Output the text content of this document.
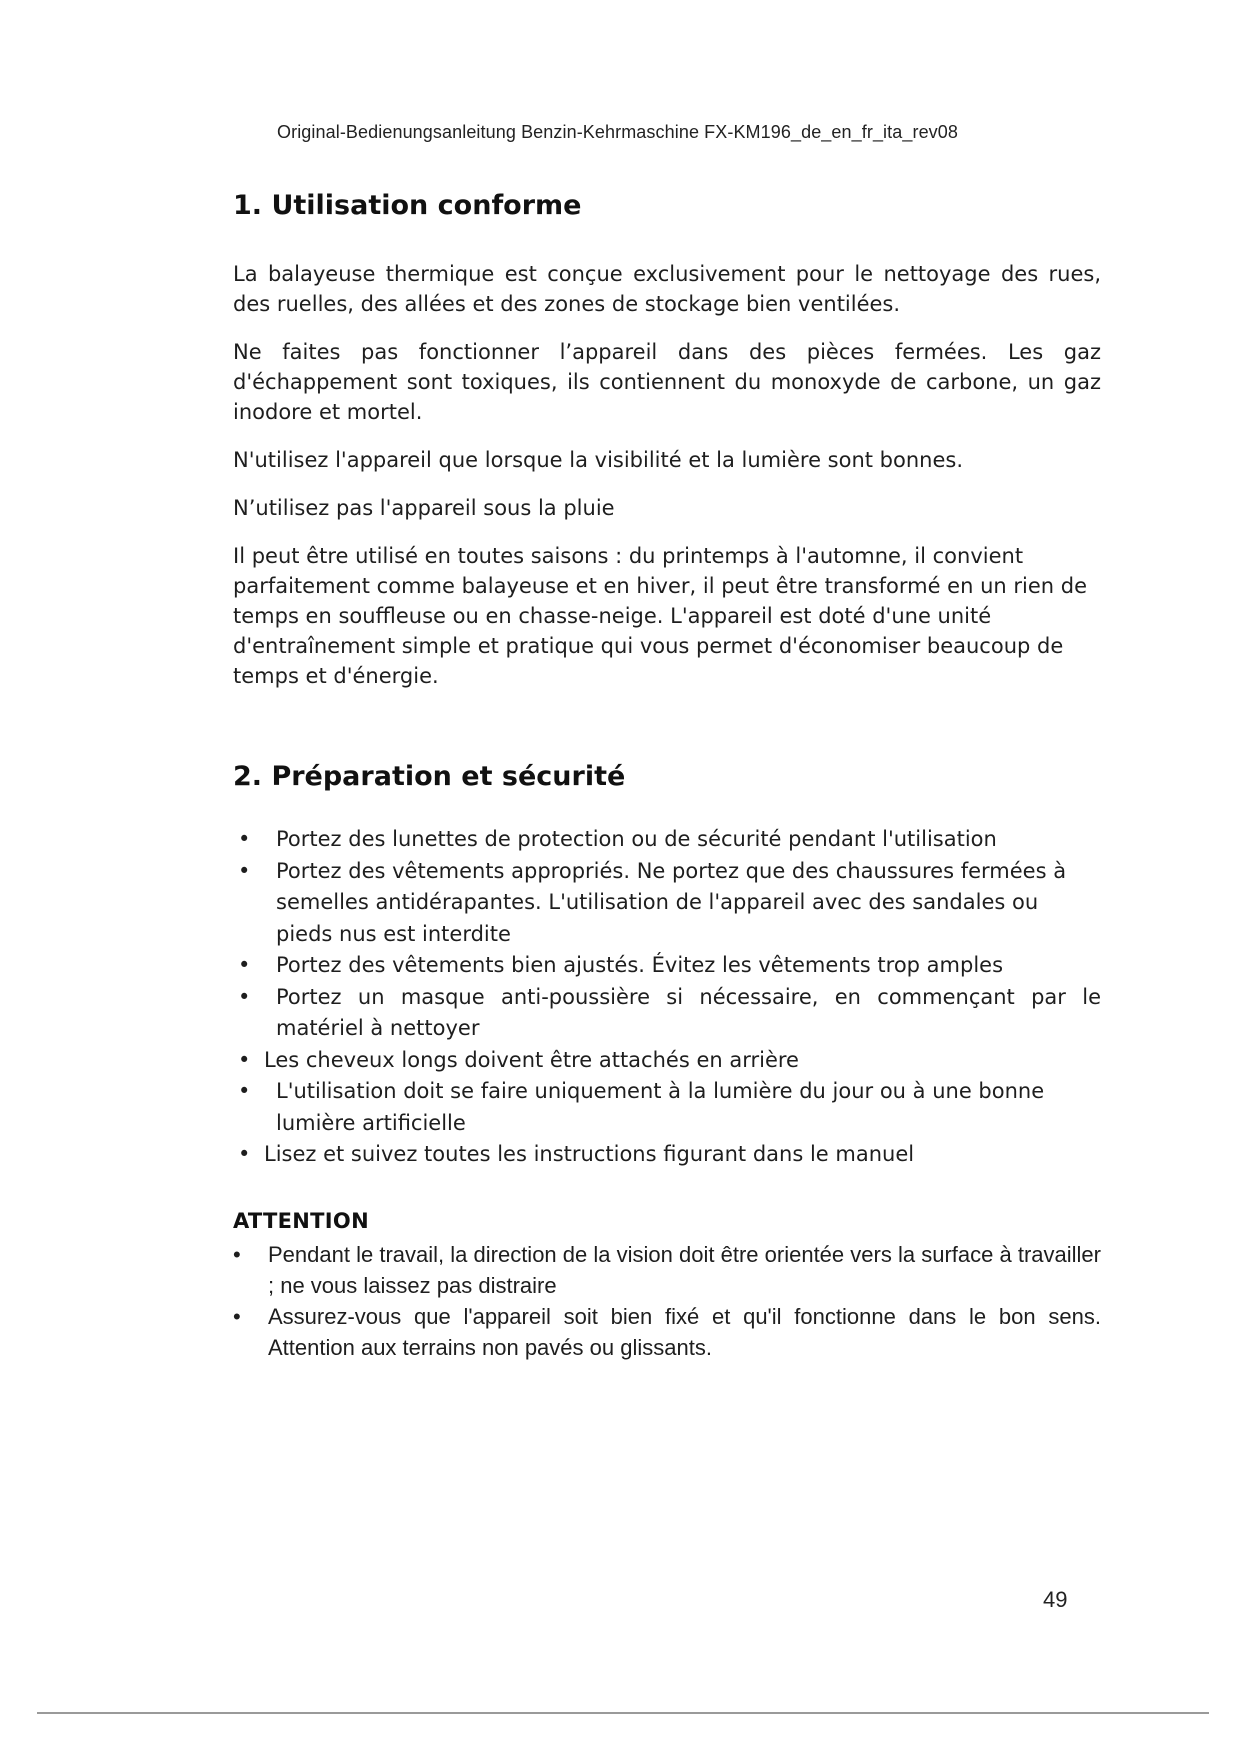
Original-Bedienungsanleitung Benzin-Kehrmaschine FX-KM196_de_en_fr_ita_rev08
1. Utilisation conforme

La balayeuse thermique est conçue exclusivement pour le nettoyage des rues, des ruelles, des allées et des zones de stockage bien ventilées.

Ne faites pas fonctionner l’appareil dans des pièces fermées. Les gaz d'échappement sont toxiques, ils contiennent du monoxyde de carbone, un gaz inodore et mortel.

N'utilisez l'appareil que lorsque la visibilité et la lumière sont bonnes.

N’utilisez pas l'appareil sous la pluie

Il peut être utilisé en toutes saisons : du printemps à l'automne, il convient parfaitement comme balayeuse et en hiver, il peut être transformé en un rien de temps en souffleuse ou en chasse-neige. L'appareil est doté d'une unité d'entraînement simple et pratique qui vous permet d'économiser beaucoup de temps et d'énergie.

2. Préparation et sécurité
• Portez des lunettes de protection ou de sécurité pendant l'utilisation
• Portez des vêtements appropriés. Ne portez que des chaussures fermées à semelles antidérapantes. L'utilisation de l'appareil avec des sandales ou pieds nus est interdite
• Portez des vêtements bien ajustés. Évitez les vêtements trop amples
• Portez un masque anti-poussière si nécessaire, en commençant par le matériel à nettoyer
• Les cheveux longs doivent être attachés en arrière
• L'utilisation doit se faire uniquement à la lumière du jour ou à une bonne lumière artificielle
• Lisez et suivez toutes les instructions figurant dans le manuel

ATTENTION

• Pendant le travail, la direction de la vision doit être orientée vers la surface à travailler ; ne vous laissez pas distraire
• Assurez-vous que l'appareil soit bien fixé et qu'il fonctionne dans le bon sens. Attention aux terrains non pavés ou glissants.
49
